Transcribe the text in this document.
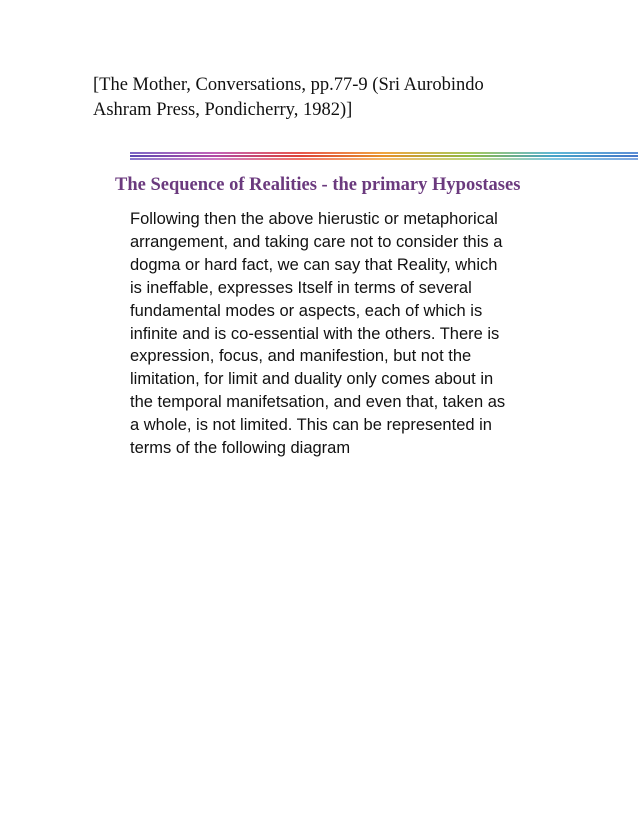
[The Mother, Conversations, pp.77-9 (Sri Aurobindo
Ashram Press, Pondicherry, 1982)]
The Sequence of Realities - the primary Hypostases
Following then the above hierustic or metaphorical
arrangement, and taking care not to consider this a
dogma or hard fact, we can say that Reality, which
is ineffable, expresses Itself in terms of several
fundamental modes or aspects, each of which is
infinite and is co-essential with the others. There is
expression, focus, and manifestion, but not the
limitation, for limit and duality only comes about in
the temporal manifetsation, and even that, taken as
a whole, is not limited. This can be represented in
terms of the following diagram
